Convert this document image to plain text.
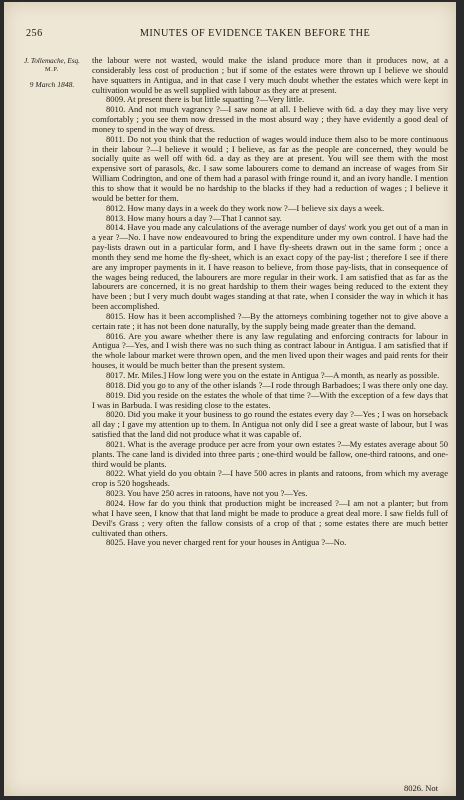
256	MINUTES OF EVIDENCE TAKEN BEFORE THE
J. Tollemache, Esq.
M.P.
9 March 1848.

the labour were not wasted, would make the island produce more than it produces now, at a considerably less cost of production ; but if some of the estates were thrown up I believe we should have squatters in Antigua, and in that case I very much doubt whether the estates which were kept in cultivation would be as well supplied with labour as they are at present.

8009. At present there is but little squatting ?—Very little.

8010. And not much vagrancy ?—I saw none at all. I believe with 6d. a day they may live very comfortably ; you see them now dressed in the most absurd way ; they have evidently a good deal of money to spend in the way of dress.

8011. Do not you think that the reduction of wages would induce them also to be more continuous in their labour ?—I believe it would ; I believe, as far as the people are concerned, they would be socially quite as well off with 6d. a day as they are at present. You will see them with the most expensive sort of parasols, &c. I saw some labourers come to demand an increase of wages from Sir William Codrington, and one of them had a parasol with fringe round it, and an ivory handle. I mention this to show that it would be no hardship to the blacks if they had a reduction of wages ; I believe it would be better for them.

8012. How many days in a week do they work now ?—I believe six days a week.

8013. How many hours a day ?—That I cannot say.

8014. Have you made any calculations of the average number of days' work you get out of a man in a year ?—No. I have now endeavoured to bring the expenditure under my own control. I have had the pay-lists drawn out in a particular form, and I have fly-sheets drawn out in the same form ; once a month they send me home the fly-sheet, which is an exact copy of the pay-list ; therefore I see if there are any improper payments in it. I have reason to believe, from those pay-lists, that in consequence of the wages being reduced, the labourers are more regular in their work. I am satisfied that as far as the labourers are concerned, it is no great hardship to them their wages being reduced to the extent they have been ; but I very much doubt wages standing at that rate, when I consider the way in which it has been accomplished.

8015. How has it been accomplished ?—By the attorneys combining together not to give above a certain rate ; it has not been done naturally, by the supply being made greater than the demand.

8016. Are you aware whether there is any law regulating and enforcing contracts for labour in Antigua ?—Yes, and I wish there was no such thing as contract labour in Antigua. I am satisfied that if the whole labour market were thrown open, and the men lived upon their wages and paid rents for their houses, it would be much better than the present system.

8017. Mr. Miles.] How long were you on the estate in Antigua ?—A month, as nearly as possible.

8018. Did you go to any of the other islands ?—I rode through Barbadoes; I was there only one day.

8019. Did you reside on the estates the whole of that time ?—With the exception of a few days that I was in Barbuda. I was residing close to the estates.

8020. Did you make it your business to go round the estates every day ?—Yes ; I was on horseback all day ; I gave my attention up to them. In Antigua not only did I see a great waste of labour, but I was satisfied that the land did not produce what it was capable of.

8021. What is the average produce per acre from your own estates ?—My estates average about 50 plants. The cane land is divided into three parts ; one-third would be fallow, one-third ratoons, and one-third would be plants.

8022. What yield do you obtain ?—I have 500 acres in plants and ratoons, from which my average crop is 520 hogsheads.

8023. You have 250 acres in ratoons, have not you ?—Yes.

8024. How far do you think that production might be increased ?—I am not a planter; but from what I have seen, I know that that land might be made to produce a great deal more. I saw fields full of Devil's Grass ; very often the fallow consists of a crop of that ; some estates there are much better cultivated than others.

8025. Have you never charged rent for your houses in Antigua ?—No.

8026. Not
